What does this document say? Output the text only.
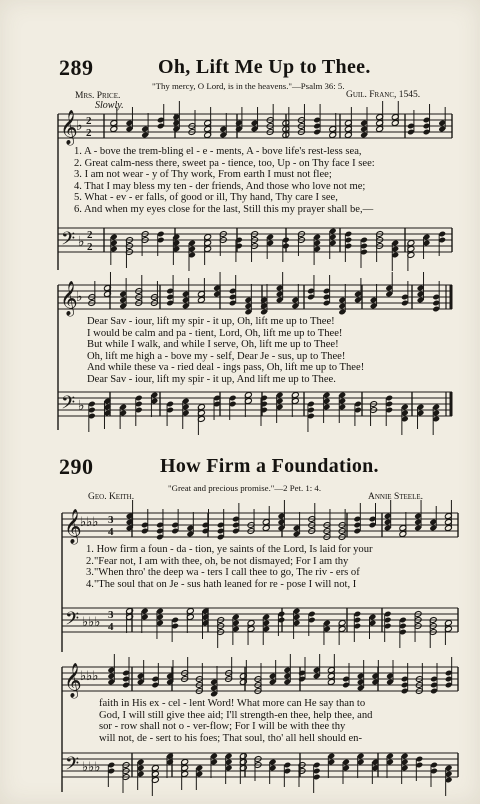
289	Oh, Lift Me Up to Thee.
"Thy mercy, O Lord, is in the heavens."—Psalm 36: 5.
Mrs. Price.	Guil. Franc, 1545.
Slowly.
𝄞
♭ 2
2
1. A - bove the trem-bling el - e - ments, A - bove life's rest-less sea,
2. Great calm-ness there, sweet pa - tience, too, Up - on Thy face I see:
3. I am not wear - y of Thy work, From earth I must not flee;
4. That I may bless my ten - der friends, And those who love not me;
5. What - ev - er falls, of good or ill, Thy hand, Thy care I see,
6. And when my eyes close for the last, Still this my prayer shall be,—
𝄢 ♭ 2
2
𝄞
♭
Dear Sav - iour, lift my spir - it up, Oh, lift me up to Thee!
I would be calm and pa - tient, Lord, Oh, lift me up to Thee!
But while I walk, and while I serve, Oh, lift me up to Thee!
Oh, lift me high a - bove my - self, Dear Je - sus, up to Thee!
And while these va - ried deal - ings pass, Oh, lift me up to Thee!
Dear Sav - iour, lift my spir - it up, And lift me up to Thee.
𝄢 ♭
290	How Firm a Foundation.
"Great and precious promise."—2 Pet. 1: 4.
Geo. Keith.	Annie Steele.
𝄞
♭♭♭ 3
4
1. How firm a foun - da - tion, ye saints of the Lord, Is laid for your
2."Fear not, I am with thee, oh, be not dismayed; For I am thy
3."When thro' the deep wa - ters I call thee to go, The riv - ers of
4."The soul that on Je - sus hath leaned for re - pose I will not, I
𝄢 ♭♭♭ 3
4
𝄞
♭♭♭
faith in His ex - cel - lent Word! What more can He say than to
God, I will still give thee aid; I'll strength-en thee, help thee, and
sor - row shall not o - ver-flow; For I will be with thee thy
will not, de - sert to his foes; That soul, tho' all hell should en-
𝄢 ♭♭♭
